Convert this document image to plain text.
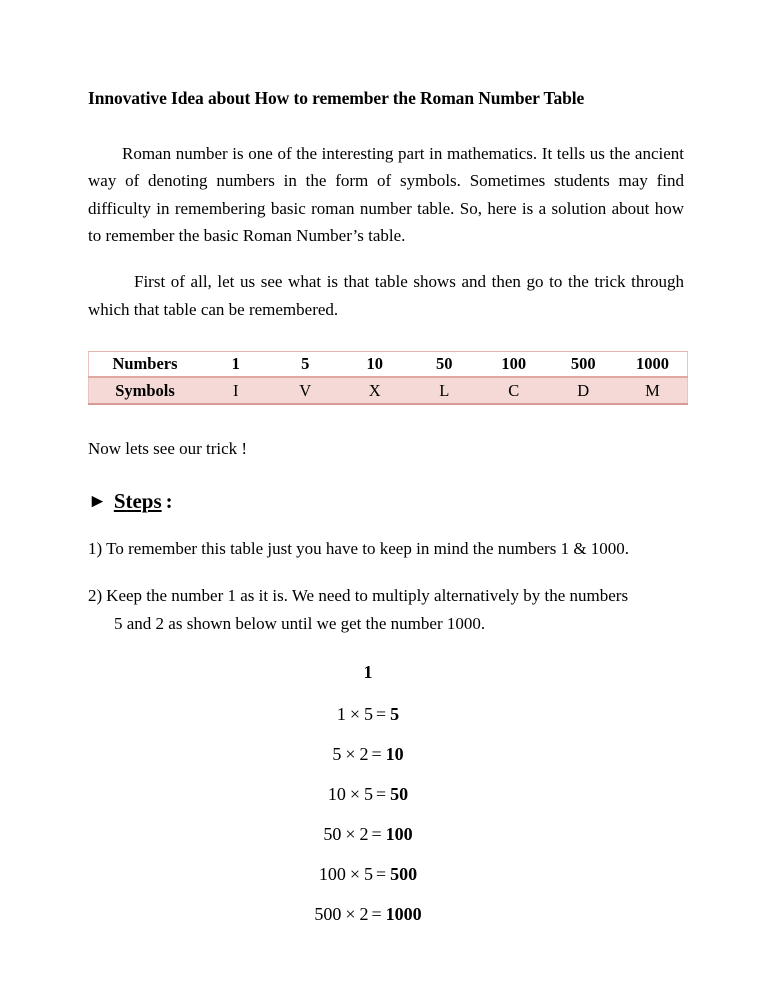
Innovative Idea about How to remember the Roman Number Table

Roman number is one of the interesting part in mathematics. It tells us the ancient way of denoting numbers in the form of symbols. Sometimes students may find difficulty in remembering basic roman number table. So, here is a solution about how to remember the basic Roman Number’s table.

First of all, let us see what is that table shows and then go to the trick through which that table can be remembered.

Numbers	1	5	10	50	100	500	1000
Symbols	I	V	X	L	C	D	M

Now lets see our trick !

► Steps :

1) To remember this table just you have to keep in mind the numbers 1 & 1000.

2) Keep the number 1 as it is. We need to multiply alternatively by the numbers 5 and 2 as shown below until we get the number 1000.

1
1 × 5 = 5
5 × 2 = 10
10 × 5 = 50
50 × 2 = 100
100 × 5 = 500
500 × 2 = 1000
